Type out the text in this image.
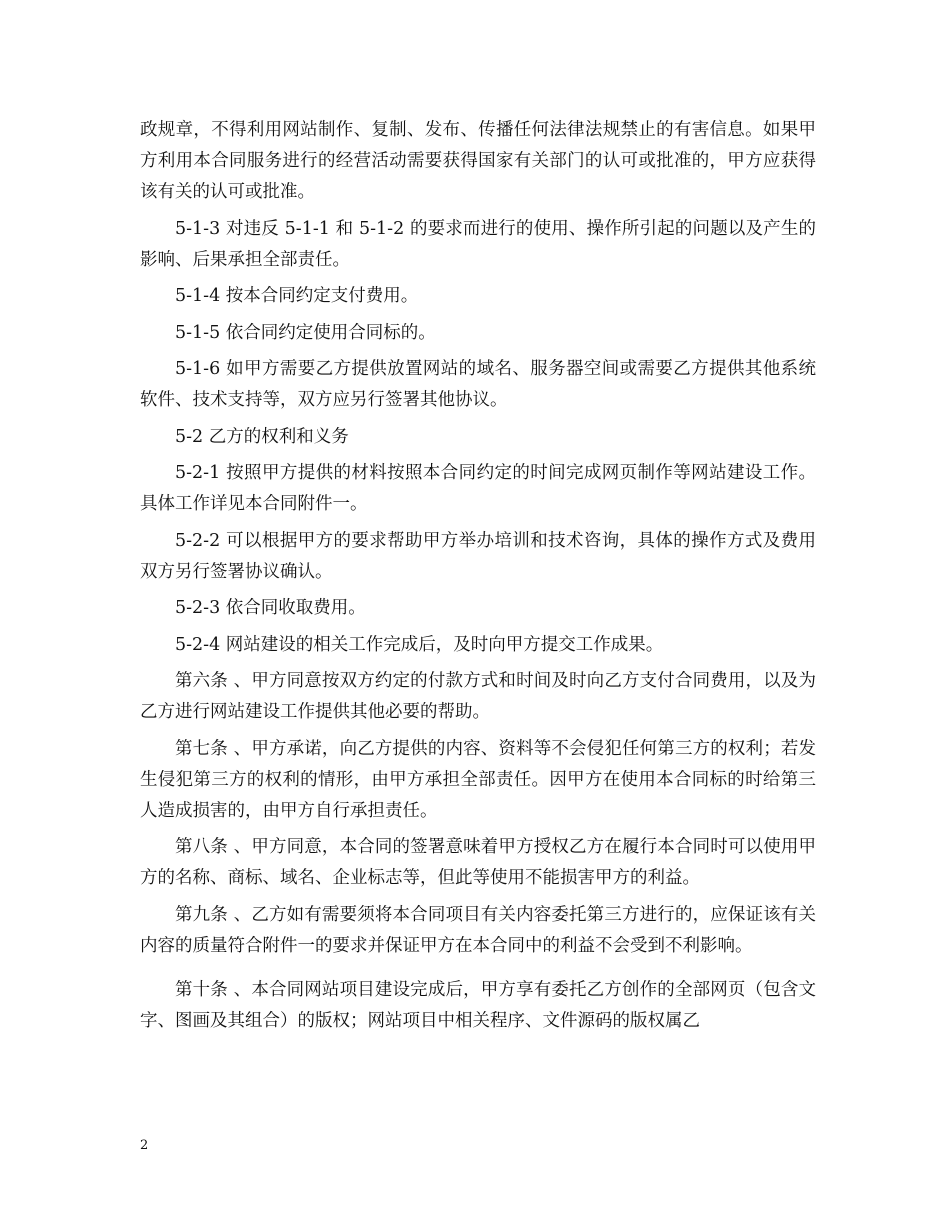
政规章，不得利用网站制作、复制、发布、传播任何法律法规禁止的有害信息。如果甲方利用本合同服务进行的经营活动需要获得国家有关部门的认可或批准的，甲方应获得该有关的认可或批准。

5-1-3 对违反 5-1-1 和 5-1-2 的要求而进行的使用、操作所引起的问题以及产生的影响、后果承担全部责任。

5-1-4 按本合同约定支付费用。

5-1-5 依合同约定使用合同标的。

5-1-6 如甲方需要乙方提供放置网站的域名、服务器空间或需要乙方提供其他系统软件、技术支持等，双方应另行签署其他协议。

5-2 乙方的权利和义务

5-2-1 按照甲方提供的材料按照本合同约定的时间完成网页制作等网站建设工作。具体工作详见本合同附件一。

5-2-2 可以根据甲方的要求帮助甲方举办培训和技术咨询，具体的操作方式及费用双方另行签署协议确认。

5-2-3 依合同收取费用。

5-2-4 网站建设的相关工作完成后，及时向甲方提交工作成果。

第六条 、甲方同意按双方约定的付款方式和时间及时向乙方支付合同费用，以及为乙方进行网站建设工作提供其他必要的帮助。

第七条 、甲方承诺，向乙方提供的内容、资料等不会侵犯任何第三方的权利；若发生侵犯第三方的权利的情形，由甲方承担全部责任。因甲方在使用本合同标的时给第三人造成损害的，由甲方自行承担责任。

第八条 、甲方同意，本合同的签署意味着甲方授权乙方在履行本合同时可以使用甲方的名称、商标、域名、企业标志等，但此等使用不能损害甲方的利益。

第九条 、乙方如有需要须将本合同项目有关内容委托第三方进行的，应保证该有关内容的质量符合附件一的要求并保证甲方在本合同中的利益不会受到不利影响。

第十条 、本合同网站项目建设完成后，甲方享有委托乙方创作的全部网页（包含文字、图画及其组合）的版权；网站项目中相关程序、文件源码的版权属乙

2
